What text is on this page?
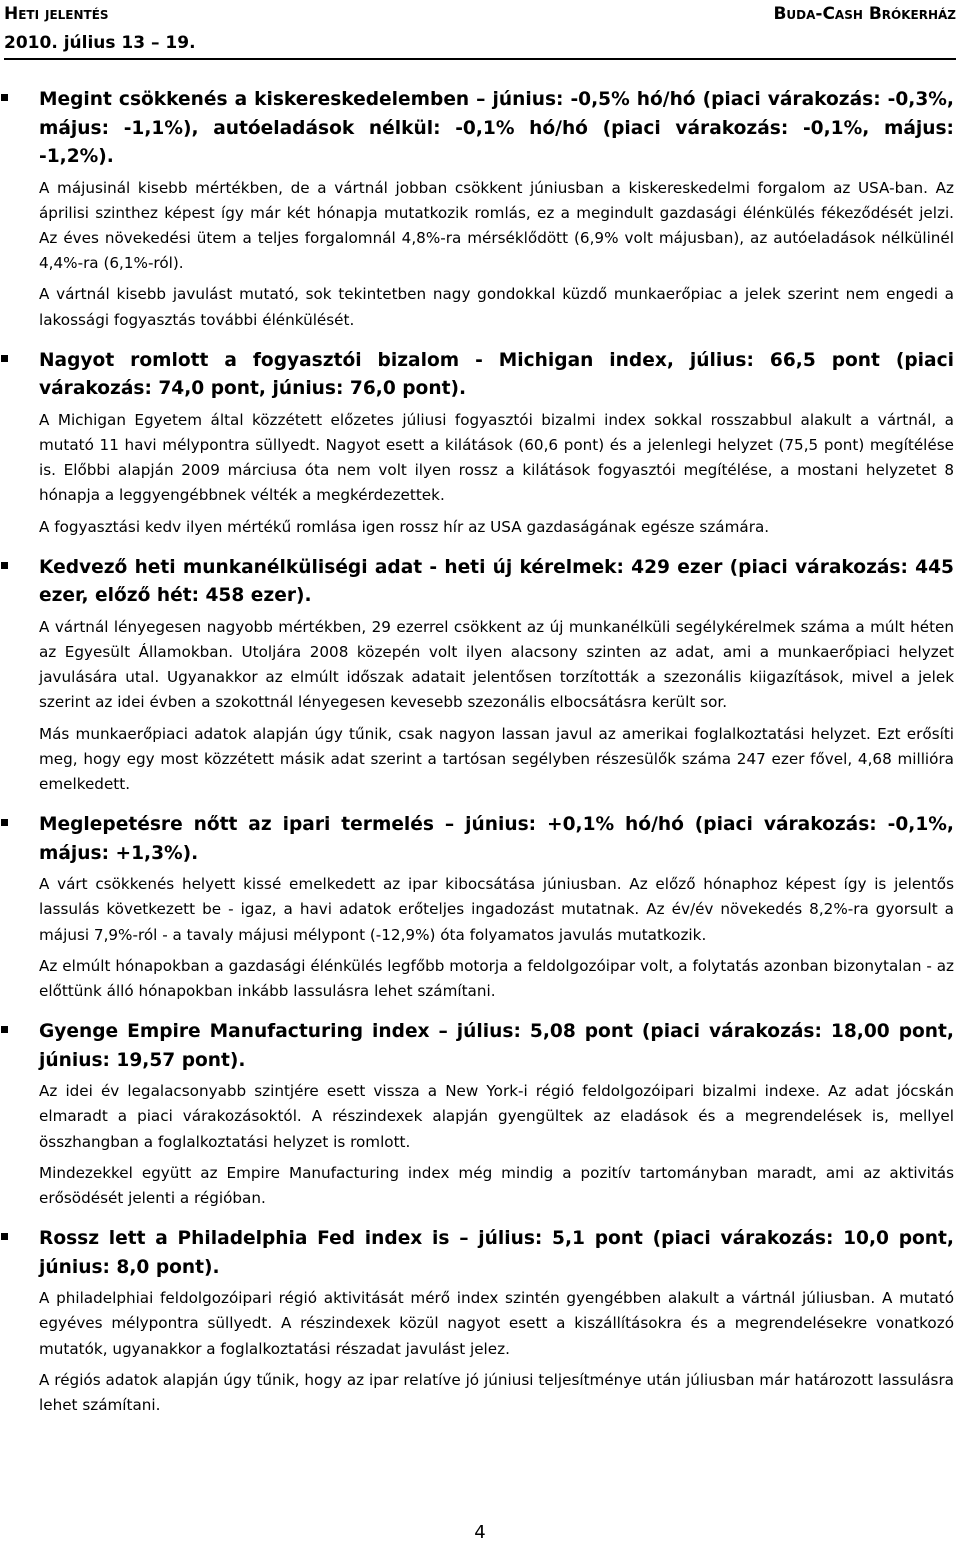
Heti jelentés	Buda-Cash Brókerház
2010. július 13 – 19.

Megint csökkenés a kiskereskedelemben – június: -0,5% hó/hó (piaci várakozás: -0,3%, május: -1,1%), autóeladások nélkül: -0,1% hó/hó (piaci várakozás: -0,1%, május: -1,2%).

A májusinál kisebb mértékben, de a vártnál jobban csökkent júniusban a kiskereskedelmi forgalom az USA-ban. Az áprilisi szinthez képest így már két hónapja mutatkozik romlás, ez a megindult gazdasági élénkülés fékeződését jelzi. Az éves növekedési ütem a teljes forgalomnál 4,8%-ra mérséklődött (6,9% volt májusban), az autóeladások nélkülinél 4,4%-ra (6,1%-ról).

A vártnál kisebb javulást mutató, sok tekintetben nagy gondokkal küzdő munkaerőpiac a jelek szerint nem engedi a lakossági fogyasztás további élénkülését.

Nagyot romlott a fogyasztói bizalom - Michigan index, július: 66,5 pont (piaci várakozás: 74,0 pont, június: 76,0 pont).

A Michigan Egyetem által közzétett előzetes júliusi fogyasztói bizalmi index sokkal rosszabbul alakult a vártnál, a mutató 11 havi mélypontra süllyedt. Nagyot esett a kilátások (60,6 pont) és a jelenlegi helyzet (75,5 pont) megítélése is. Előbbi alapján 2009 márciusa óta nem volt ilyen rossz a kilátások fogyasztói megítélése, a mostani helyzetet 8 hónapja a leggyengébbnek vélték a megkérdezettek.

A fogyasztási kedv ilyen mértékű romlása igen rossz hír az USA gazdaságának egésze számára.

Kedvező heti munkanélküliségi adat - heti új kérelmek: 429 ezer (piaci várakozás: 445 ezer, előző hét: 458 ezer).

A vártnál lényegesen nagyobb mértékben, 29 ezerrel csökkent az új munkanélküli segélykérelmek száma a múlt héten az Egyesült Államokban. Utoljára 2008 közepén volt ilyen alacsony szinten az adat, ami a munkaerőpiaci helyzet javulására utal. Ugyanakkor az elmúlt időszak adatait jelentősen torzították a szezonális kiigazítások, mivel a jelek szerint az idei évben a szokottnál lényegesen kevesebb szezonális elbocsátásra került sor.

Más munkaerőpiaci adatok alapján úgy tűnik, csak nagyon lassan javul az amerikai foglalkoztatási helyzet. Ezt erősíti meg, hogy egy most közzétett másik adat szerint a tartósan segélyben részesülők száma 247 ezer fővel, 4,68 millióra emelkedett.

Meglepetésre nőtt az ipari termelés – június: +0,1% hó/hó (piaci várakozás: -0,1%, május: +1,3%).

A várt csökkenés helyett kissé emelkedett az ipar kibocsátása júniusban. Az előző hónaphoz képest így is jelentős lassulás következett be - igaz, a havi adatok erőteljes ingadozást mutatnak. Az év/év növekedés 8,2%-ra gyorsult a májusi 7,9%-ról - a tavaly májusi mélypont (-12,9%) óta folyamatos javulás mutatkozik.

Az elmúlt hónapokban a gazdasági élénkülés legfőbb motorja a feldolgozóipar volt, a folytatás azonban bizonytalan - az előttünk álló hónapokban inkább lassulásra lehet számítani.

Gyenge Empire Manufacturing index – július: 5,08 pont (piaci várakozás: 18,00 pont, június: 19,57 pont).

Az idei év legalacsonyabb szintjére esett vissza a New York-i régió feldolgozóipari bizalmi indexe. Az adat jócskán elmaradt a piaci várakozásoktól. A részindexek alapján gyengültek az eladások és a megrendelések is, mellyel összhangban a foglalkoztatási helyzet is romlott.

Mindezekkel együtt az Empire Manufacturing index még mindig a pozitív tartományban maradt, ami az aktivitás erősödését jelenti a régióban.

Rossz lett a Philadelphia Fed index is – július: 5,1 pont (piaci várakozás: 10,0 pont, június: 8,0 pont).

A philadelphiai feldolgozóipari régió aktivitását mérő index szintén gyengébben alakult a vártnál júliusban. A mutató egyéves mélypontra süllyedt. A részindexek közül nagyot esett a kiszállításokra és a megrendelésekre vonatkozó mutatók, ugyanakkor a foglalkoztatási részadat javulást jelez.

A régiós adatok alapján úgy tűnik, hogy az ipar relatíve jó júniusi teljesítménye után júliusban már határozott lassulásra lehet számítani.

4
